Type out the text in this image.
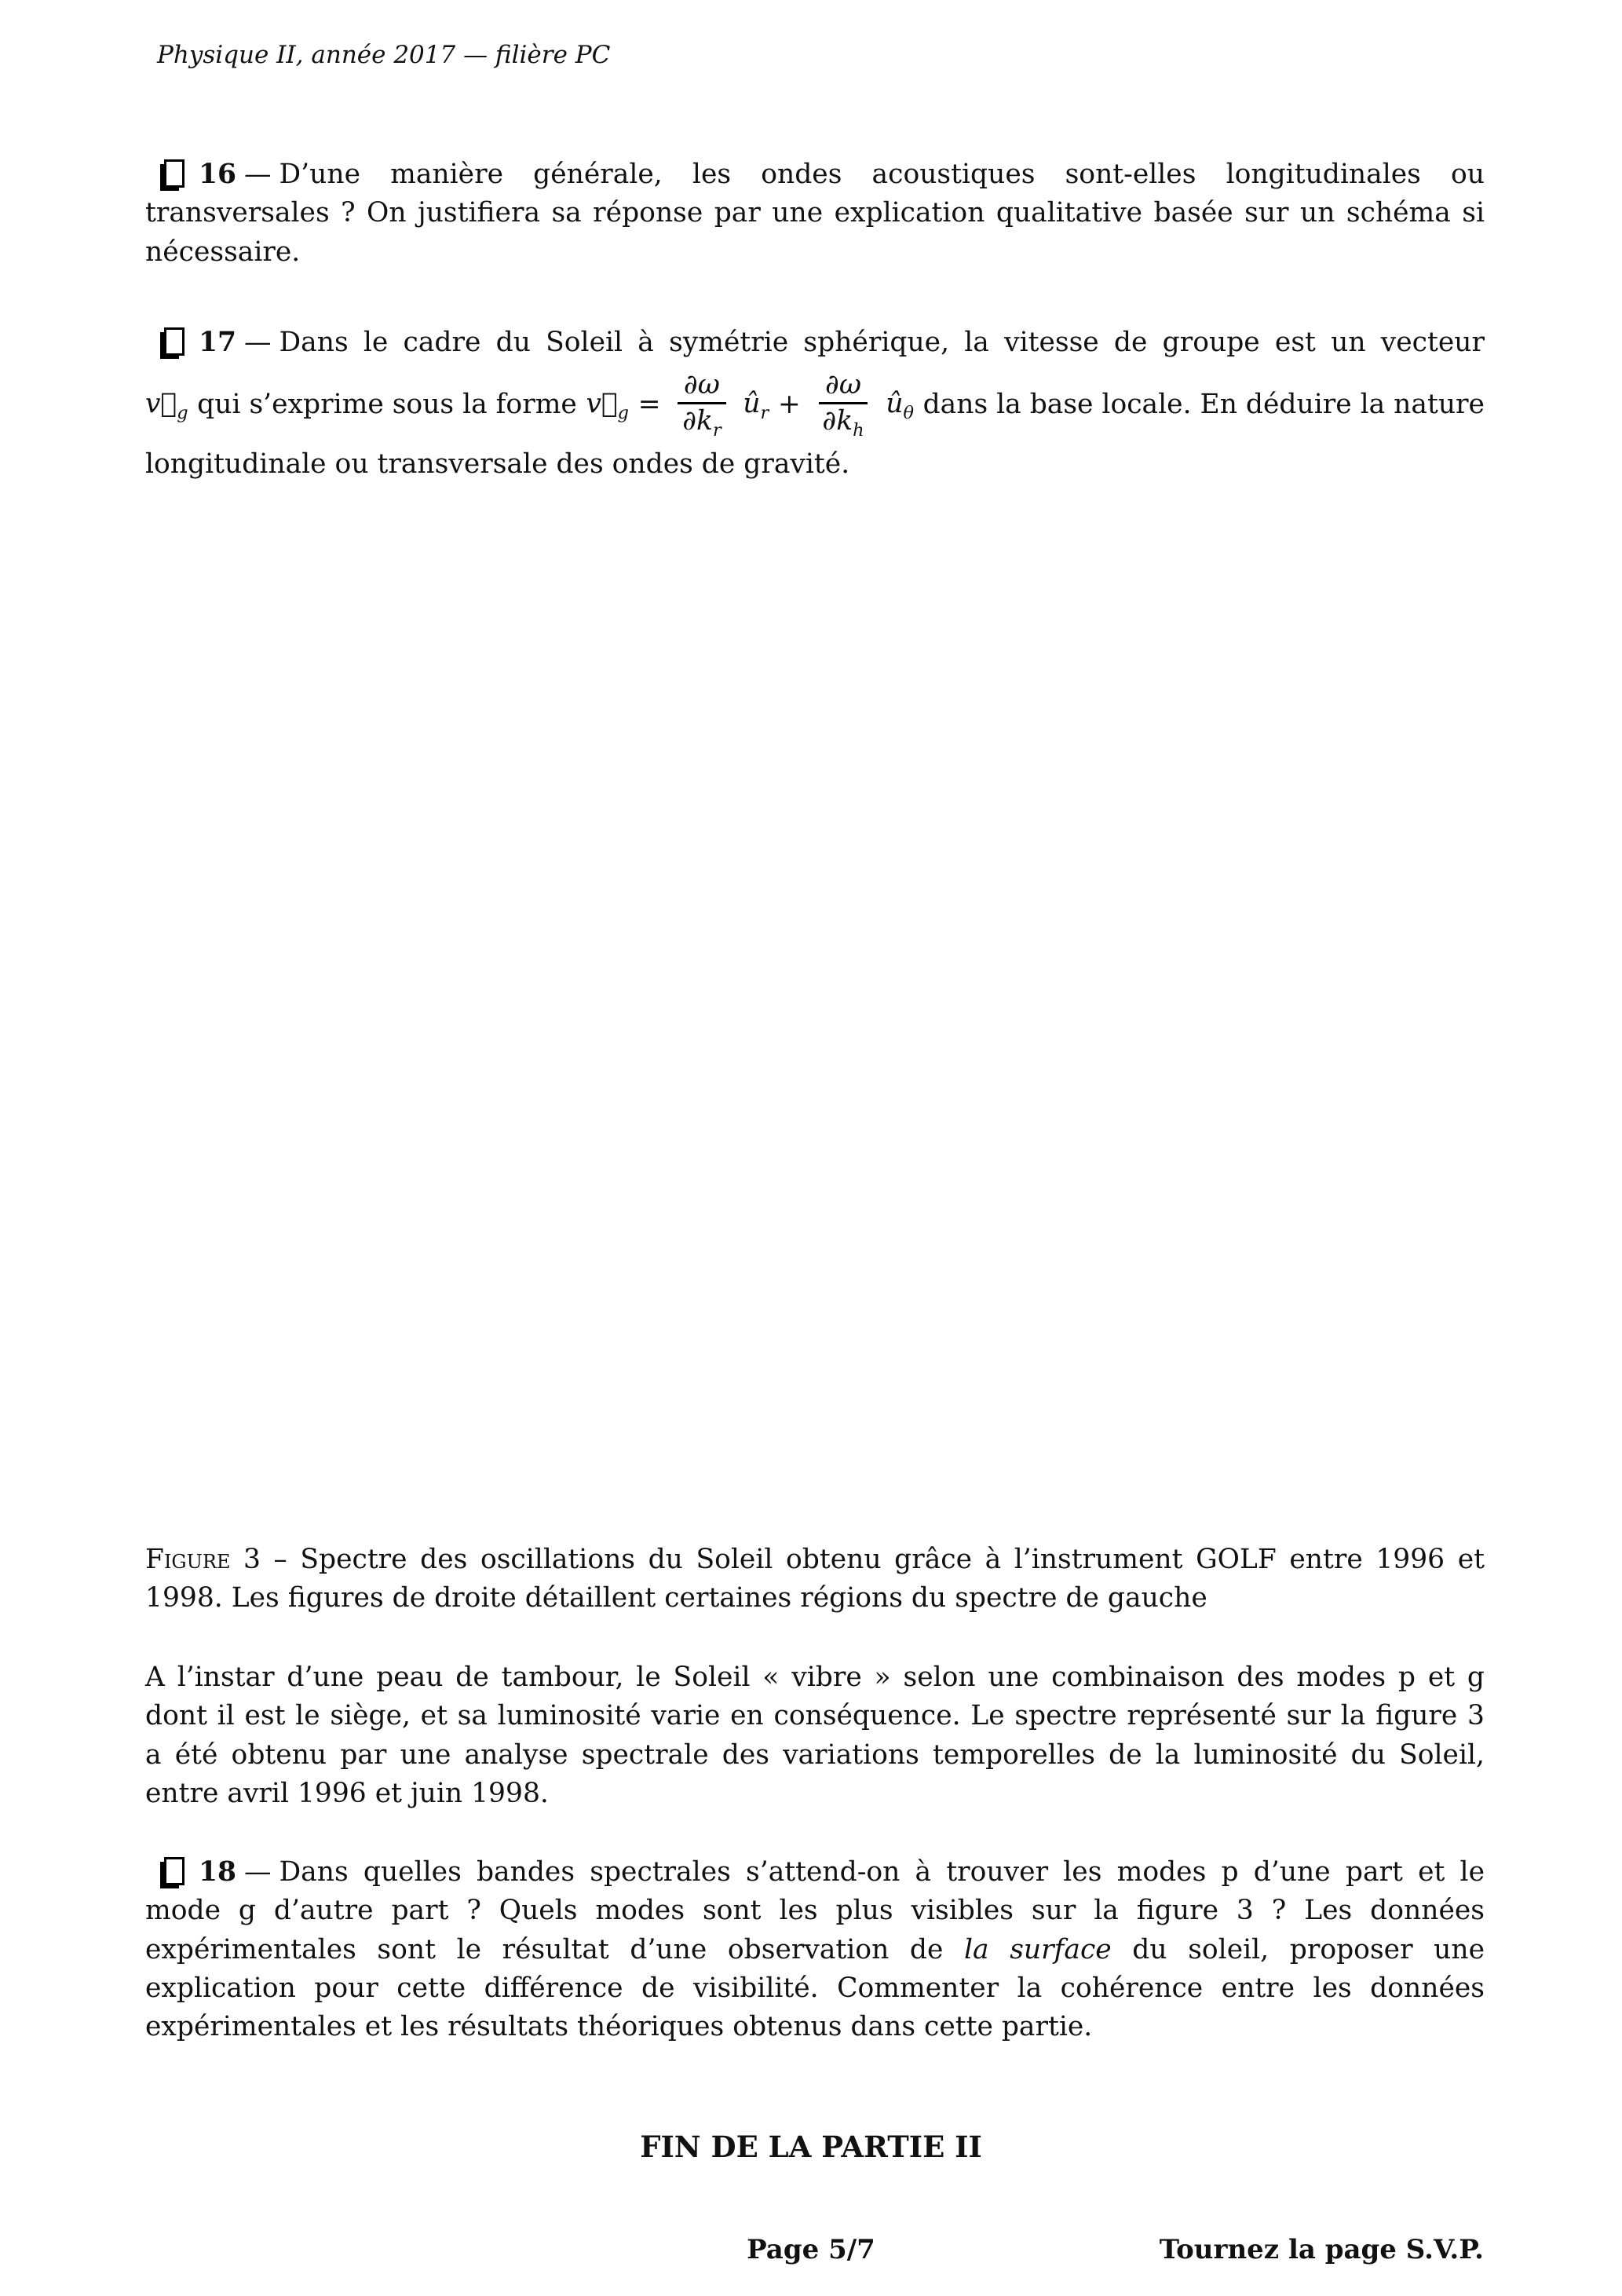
Physique II, année 2017 — filière PC
16 — D’une manière générale, les ondes acoustiques sont-elles longitudinales ou transversales ? On justifiera sa réponse par une explication qualitative basée sur un schéma si nécessaire.
17 — Dans le cadre du Soleil à symétrie sphérique, la vitesse de groupe est un vecteur
$v⃗_g$ qui s’exprime sous la forme $v⃗_g = \frac{\partial\omega}{\partial k_r}$ $û_r + \frac{\partial\omega}{\partial k_h}$ $û_\theta$ dans la base locale. En déduire la nature
longitudinale ou transversale des ondes de gravité.
Figure 3 – Spectre des oscillations du Soleil obtenu grâce à l’instrument GOLF entre 1996 et 1998. Les figures de droite détaillent certaines régions du spectre de gauche
A l’instar d’une peau de tambour, le Soleil « vibre » selon une combinaison des modes p et g dont il est le siège, et sa luminosité varie en conséquence. Le spectre représenté sur la figure 3 a été obtenu par une analyse spectrale des variations temporelles de la luminosité du Soleil, entre avril 1996 et juin 1998.
18 — Dans quelles bandes spectrales s’attend-on à trouver les modes p d’une part et le mode g d’autre part ? Quels modes sont les plus visibles sur la figure 3 ? Les données expérimentales sont le résultat d’une observation de la surface du soleil, proposer une explication pour cette différence de visibilité. Commenter la cohérence entre les données expérimentales et les résultats théoriques obtenus dans cette partie.
FIN DE LA PARTIE II
Page 5/7	Tournez la page S.V.P.
